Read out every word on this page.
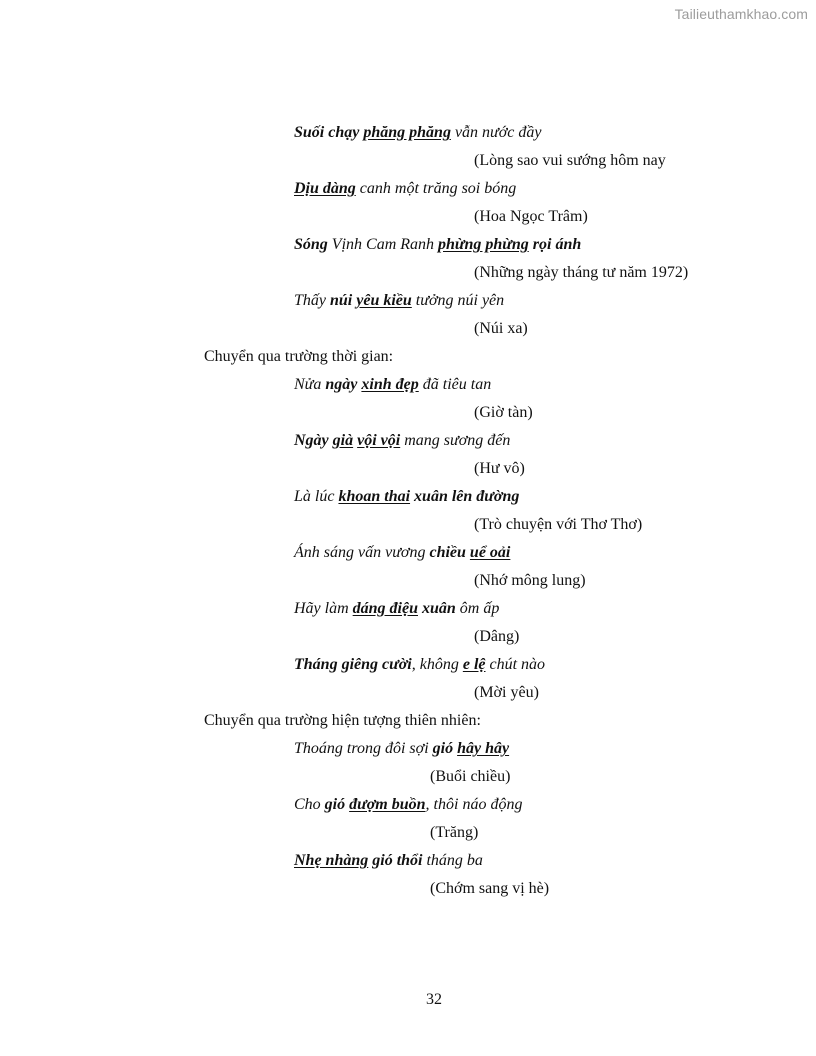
Tailieuthamkhao.com
Suối chạy phăng phăng vẫn nước đầy
(Lòng sao vui sướng hôm nay
Dịu dàng canh một trăng soi bóng
(Hoa Ngọc Trâm)
Sóng Vịnh Cam Ranh phừng phừng rọi ánh
(Những ngày tháng tư năm 1972)
Thấy núi yêu kiều tưởng núi yên
(Núi xa)
Chuyển qua trường thời gian:
Nửa ngày xinh đẹp đã tiêu tan
(Giờ tàn)
Ngày già vội vội mang sương đến
(Hư vô)
Là lúc khoan thai xuân lên đường
(Trò chuyện với Thơ Thơ)
Ánh sáng vấn vương chiều uể oải
(Nhớ mông lung)
Hãy làm dáng điệu xuân ôm ấp
(Dâng)
Tháng giêng cười, không e lệ chút nào
(Mời yêu)
Chuyển qua trường hiện tượng thiên nhiên:
Thoáng trong đôi sợi gió hây hây
(Buổi chiều)
Cho gió đượm buồn, thôi náo động
(Trăng)
Nhẹ nhàng gió thổi tháng ba
(Chớm sang vị hè)
32
